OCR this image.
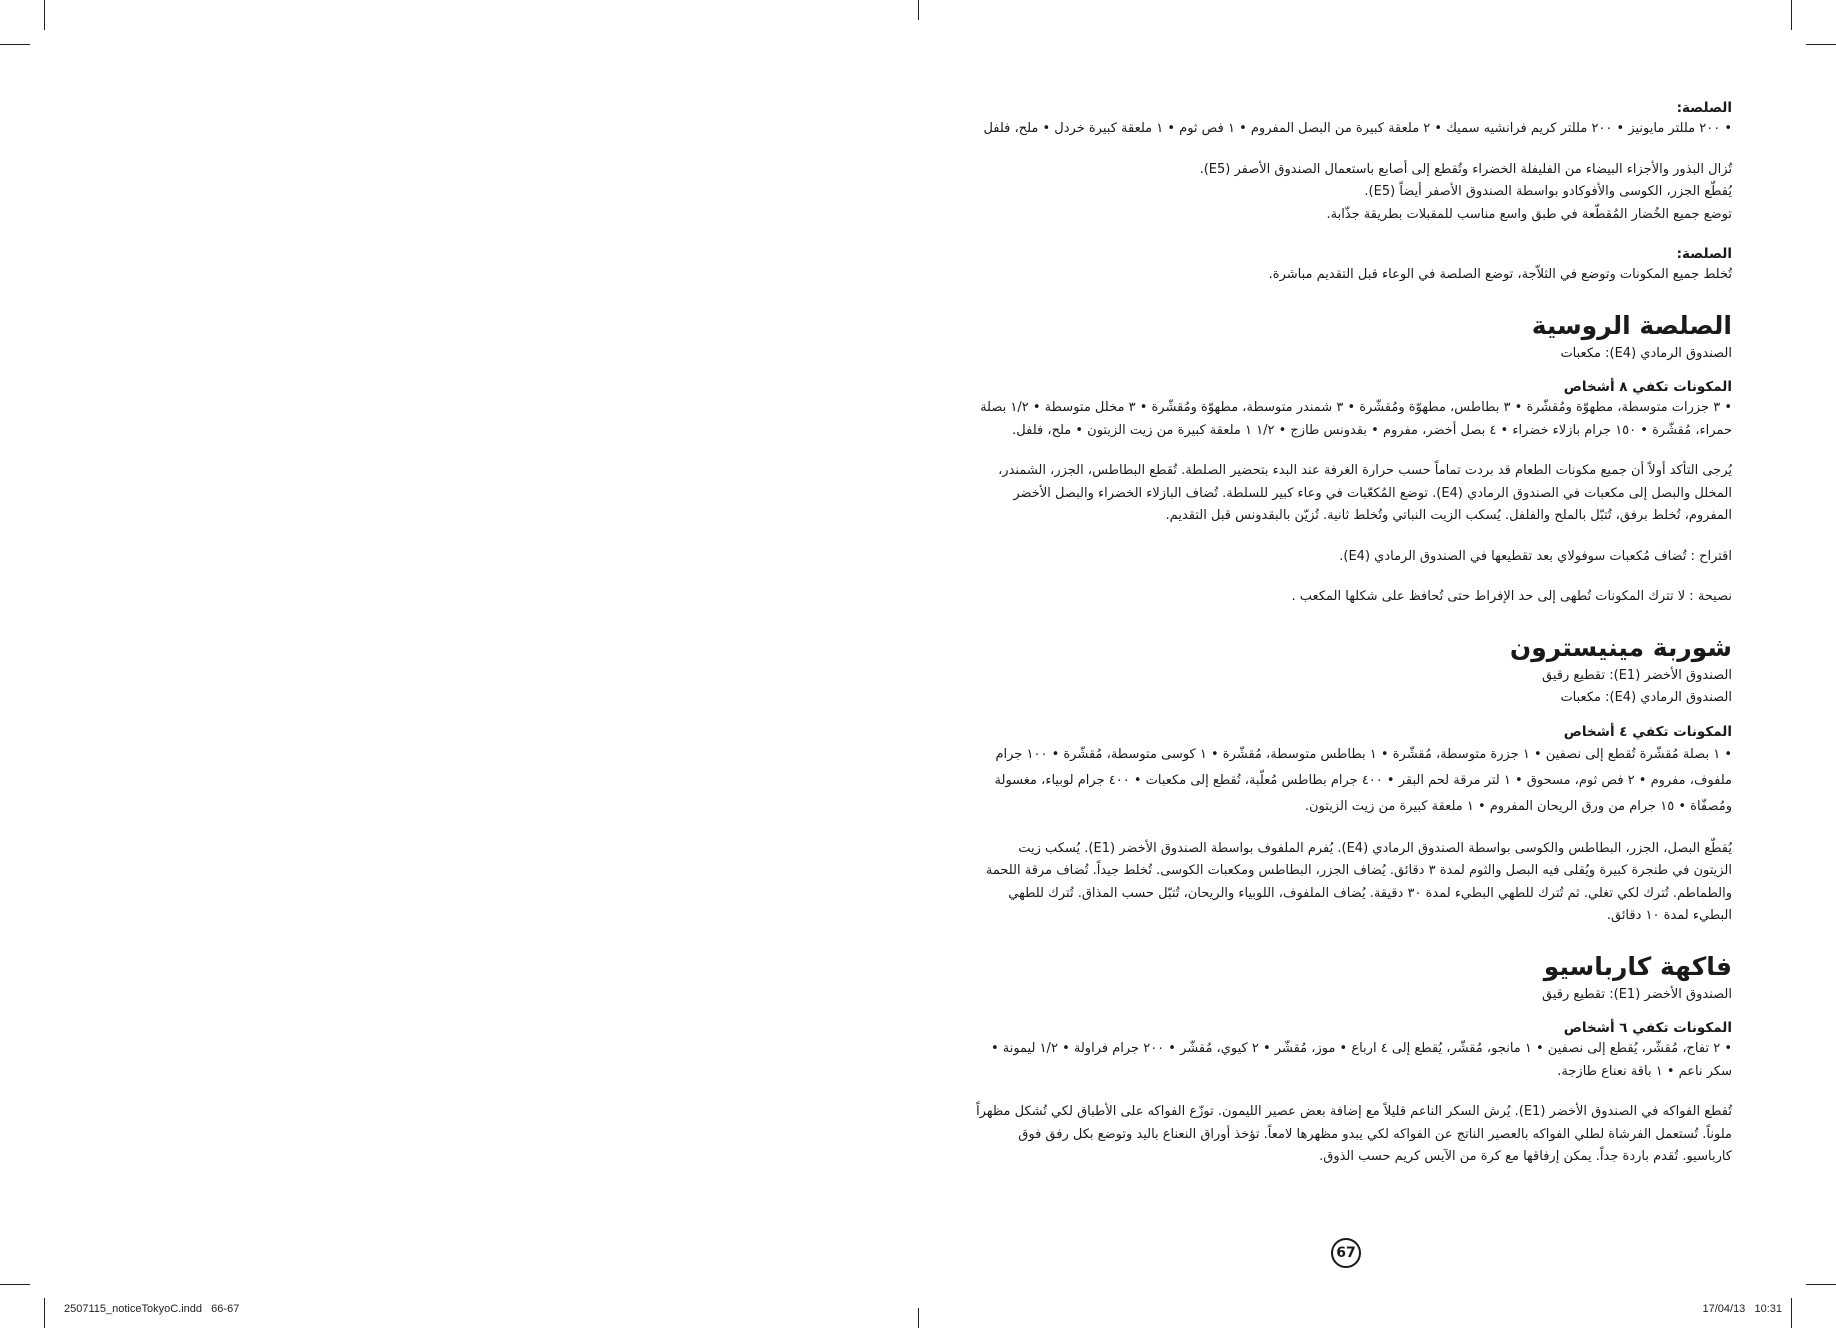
الصلصة:

• ٢٠٠ مللتر مايونيز • ٢٠٠ مللتر كريم فرانشيه سميك • ٢ ملعقة كبيرة من البصل المفروم • ١ فص ثوم • ١ ملعقة كبيرة خردل • ملح، فلفل

تُزال البذور والأجزاء البيضاء من الفليفلة الخضراء وتُقطع إلى أصابع باستعمال الصندوق الأصفر (E5).

يُقطّع الجزر، الكوسى والأفوكادو بواسطة الصندوق الأصفر أيضاً (E5).

توضع جميع الخُضار المُقطّعة في طبق واسع مناسب للمقبلات بطريقة جذّابة.

الصلصة:

تُخلط جميع المكونات وتوضع في الثلاّجة، توضع الصلصة في الوعاء قبل التقديم مباشرة.

الصلصة الروسية

الصندوق الرمادي (E4): مكعبات

المكونات تكفي ٨ أشخاص

• ٣ جزرات متوسطة، مطهوّة ومُقشّرة • ٣ بطاطس، مطهوّة ومُقشّرة • ٣ شمندر متوسطة، مطهوّة ومُقشّرة • ٣ مخلل متوسطة • ١/٢ بصلة حمراء، مُقشّرة • ١٥٠ جرام بازلاء خضراء • ٤ بصل أخضر، مفروم • بقدونس طازج • ١/٢ ١ ملعقة كبيرة من زيت الزيتون • ملح، فلفل.

يُرجى التأكد أولاً أن جميع مكونات الطعام قد بردت تماماً حسب حرارة الغرفة عند البدء بتحضير الصلطة. تُقطع البطاطس، الجزر، الشمندر، المخلل والبصل إلى مكعبات في الصندوق الرمادي (E4). توضع المُكعّبات في وعاء كبير للسلطة. تُضاف البازلاء الخضراء والبصل الأخضر المفروم، تُخلط برفق، تُتبّل بالملح والفلفل. يُسكب الزيت النباتي وتُخلط ثانية. تُزيّن بالبقدونس قبل التقديم.

اقتراح : تُضاف مُكعبات سوفولاي بعد تقطيعها في الصندوق الرمادي (E4).

نصيحة : لا تترك المكونات تُطهى إلى حد الإفراط حتى تُحافظ على شكلها المكعب .

شوربة مينيسترون

الصندوق الأخضر (E1): تقطيع رقيق

الصندوق الرمادي (E4): مكعبات

المكونات تكفي ٤ أشخاص

• ١ بصلة مُقشّرة تُقطع إلى نصفين • ١ جزرة متوسطة، مُقشّرة • ١ بطاطس متوسطة، مُقشّرة • ١ كوسى متوسطة، مُقشّرة • ١٠٠ جرام ملفوف، مفروم • ٢ فص ثوم، مسحوق • ١ لتر مرقة لحم البقر • ٤٠٠ جرام بطاطس مُعلّبة، تُقطع إلى مكعبات • ٤٠٠ جرام لوبياء، مغسولة ومُصفّاة • ١٥ جرام من ورق الريحان المفروم • ١ ملعقة كبيرة من زيت الزيتون.

يُقطّع البصل، الجزر، البطاطس والكوسى بواسطة الصندوق الرمادي (E4). يُفرم الملفوف بواسطة الصندوق الأخضر (E1). يُسكب زيت الزيتون في طنجرة كبيرة ويُقلى فيه البصل والثوم لمدة ٣ دقائق. يُضاف الجزر، البطاطس ومكعبات الكوسى. تُخلط جيداً. تُضاف مرقة اللحمة والطماطم. تُترك لكي تغلي. ثم تُترك للطهي البطيء لمدة ٣٠ دقيقة. يُضاف الملفوف، اللوبياء والريحان، تُتبّل حسب المذاق. تُترك للطهي البطيء لمدة ١٠ دقائق.

فاكهة كارباسيو

الصندوق الأخضر (E1): تقطيع رقيق

المكونات تكفي ٦ أشخاص

• ٢ تفاح، مُقشّر، يُقطع إلى نصفين • ١ مانجو، مُقشّر، يُقطع إلى ٤ ارباع • موز، مُقشّر • ٢ كيوي، مُقشّر • ٢٠٠ جرام فراولة • ١/٢ ليمونة • سكر ناعم • ١ باقة نعناع طازجة.

تُقطع الفواكه في الصندوق الأخضر (E1). يُرش السكر الناعم قليلاً مع إضافة بعض عصير الليمون. توزّع الفواكه على الأطباق لكي تُشكل مظهراً ملوناً. تُستعمل الفرشاة لطلي الفواكه بالعصير الناتج عن الفواكه لكي يبدو مظهرها لامعاً. تؤخذ أوراق النعناع باليد وتوضع بكل رفق فوق كارباسيو. تُقدم باردة جداً. يمكن إرفاقها مع كرة من الآيس كريم حسب الذوق.

67
2507115_noticeTokyoC.indd   66-67	17/04/13   10:31
